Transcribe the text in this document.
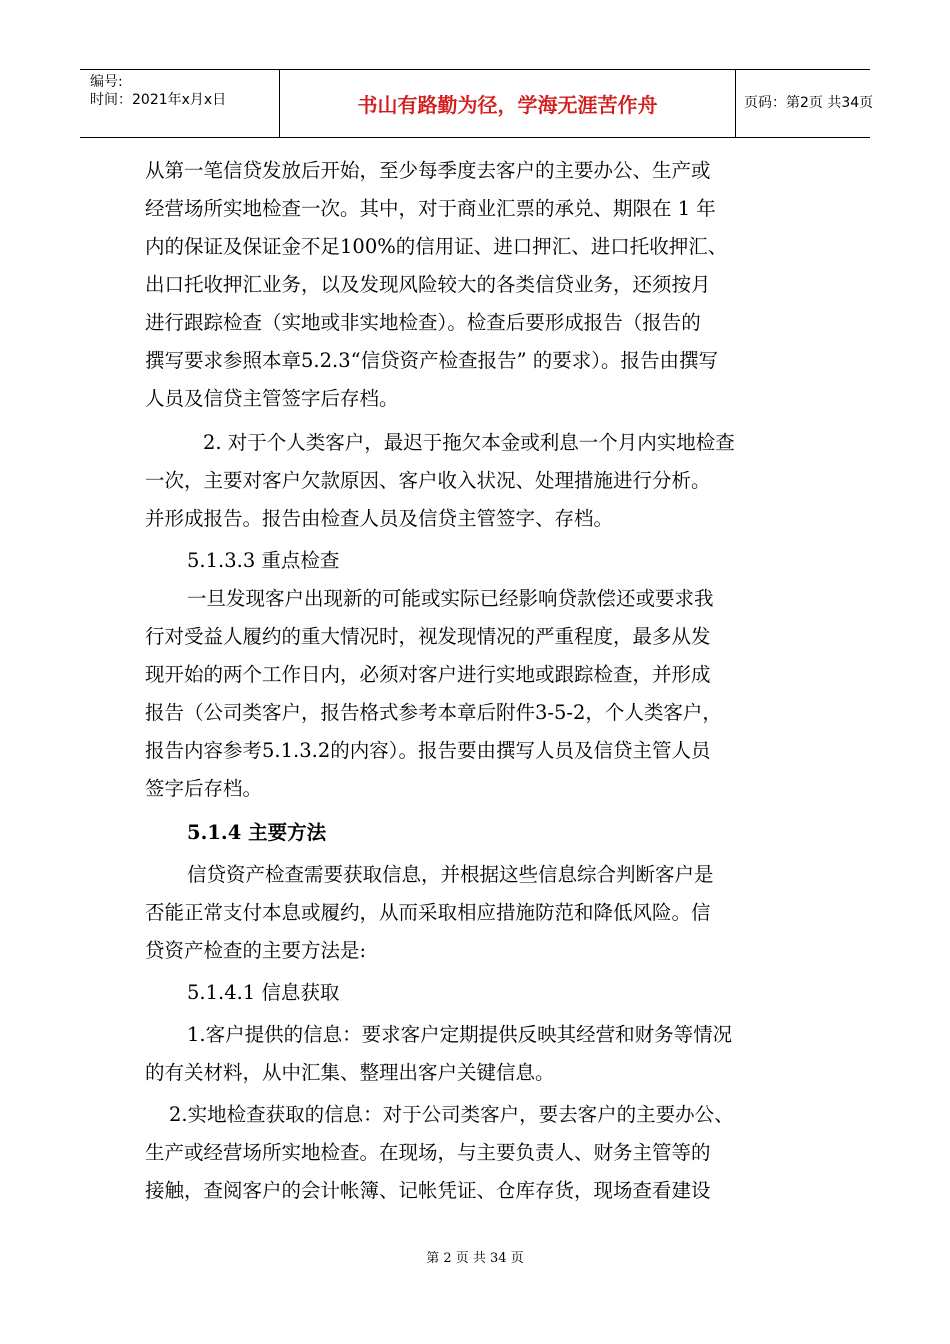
编号:
时间：2021年x月x日	书山有路勤为径，学海无涯苦作舟	页码：第2页 共34页
从第一笔信贷发放后开始，至少每季度去客户的主要办公、生产或
经营场所实地检查一次。其中，对于商业汇票的承兑、期限在 1 年
内的保证及保证金不足100%的信用证、进口押汇、进口托收押汇、
出口托收押汇业务，以及发现风险较大的各类信贷业务，还须按月
进行跟踪检查（实地或非实地检查）。检查后要形成报告（报告的
撰写要求参照本章5.2.3“信贷资产检查报告” 的要求）。报告由撰写
人员及信贷主管签字后存档。
2. 对于个人类客户，最迟于拖欠本金或利息一个月内实地检查
一次，主要对客户欠款原因、客户收入状况、处理措施进行分析。
并形成报告。报告由检查人员及信贷主管签字、存档。
5.1.3.3 重点检查
一旦发现客户出现新的可能或实际已经影响贷款偿还或要求我
行对受益人履约的重大情况时，视发现情况的严重程度，最多从发
现开始的两个工作日内，必须对客户进行实地或跟踪检查，并形成
报告（公司类客户，报告格式参考本章后附件3-5-2，个人类客户，
报告内容参考5.1.3.2的内容）。报告要由撰写人员及信贷主管人员
签字后存档。
5.1.4 主要方法
信贷资产检查需要获取信息，并根据这些信息综合判断客户是
否能正常支付本息或履约，从而采取相应措施防范和降低风险。信
贷资产检查的主要方法是:
5.1.4.1 信息获取
1.客户提供的信息：要求客户定期提供反映其经营和财务等情况
的有关材料，从中汇集、整理出客户关键信息。
2.实地检查获取的信息：对于公司类客户，要去客户的主要办公、
生产或经营场所实地检查。在现场，与主要负责人、财务主管等的
接触，查阅客户的会计帐簿、记帐凭证、仓库存货，现场查看建设
第 2 页 共 34 页
